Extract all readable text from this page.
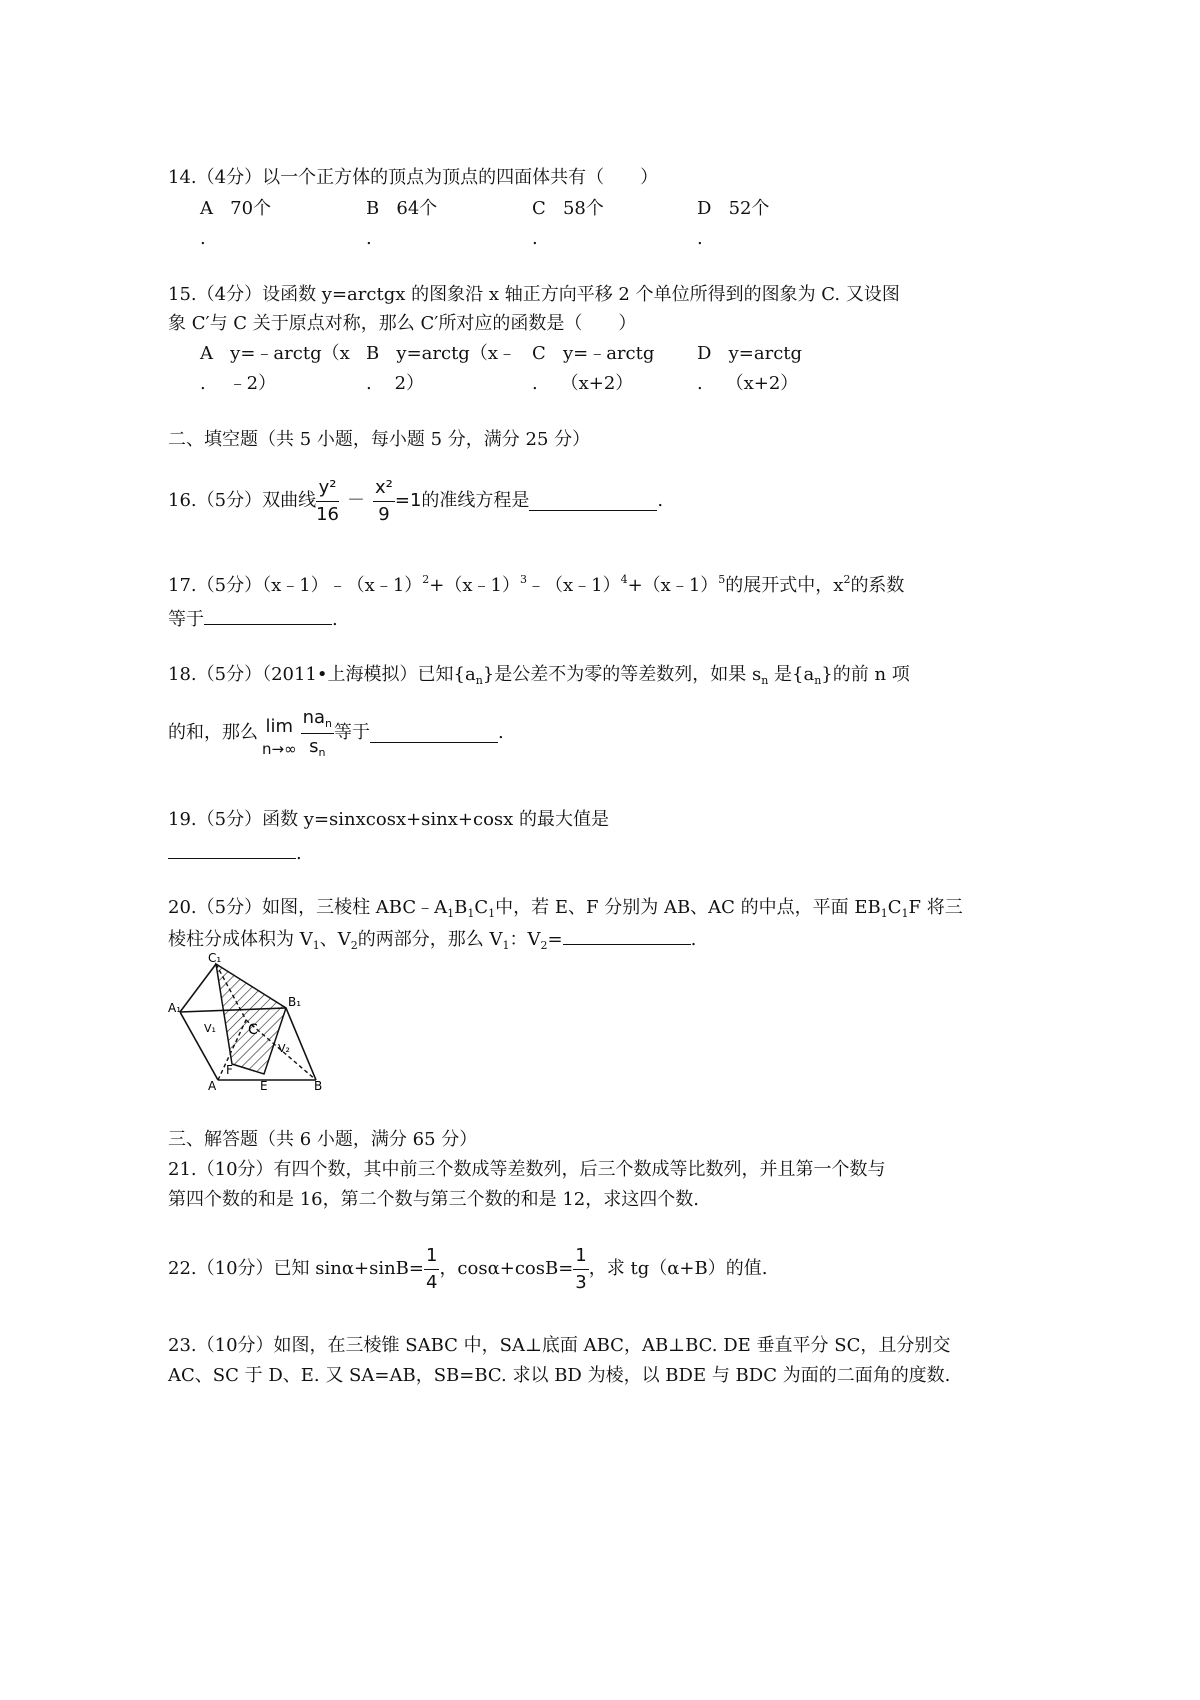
14.（4分）以一个正方体的顶点为顶点的四面体共有（　　）
A 70个
.
B 64个
.
C 58个
.
D 52个
.
15.（4分）设函数 y=arctgx 的图象沿 x 轴正方向平移 2 个单位所得到的图象为 C. 又设图
象 C′与 C 关于原点对称，那么 C′所对应的函数是（　　）
A y=﹣arctg（x
. ﹣2）
B y=arctg（x﹣
. 2）
C y=﹣arctg
. （x+2）
D y=arctg
. （x+2）
二、填空题（共 5 小题，每小题 5 分，满分 25 分）
16.（5分）双曲线 $\frac{\text{y²}}{16} - \frac{\text{x²}}{9} =1$ 的准线方程是	.
17.（5分）（x﹣1）﹣（x﹣1）$^2$+（x﹣1）$^3$﹣（x﹣1）$^4$+（x﹣1）$^5$的展开式中，$x^2$的系数
等于	.
18.（5分）（2011•上海模拟）已知$\{a_n\}$是公差不为零的等差数列，如果 $s_n$ 是$\{a_n\}$的前 n 项
的和，那么 lim
$n\to\infty \frac{na_n}{s_n}$ 等于	.
19.（5分）函数 y=sinxcosx+sinx+cosx 的最大值是
.
20.（5分）如图，三棱柱 $ABC﹣A_1B_1C_1$中，若 E、F 分别为 AB、AC 的中点，平面 $EB_1C_1F$ 将三
棱柱分成体积为 $V_1$、$V_2$的两部分，那么 $V_1$：$V_2=$	.
C₁
A₁	B₁
V₁
V₂
C
A
F
E	B
三、解答题（共 6 小题，满分 65 分）
21.（10分）有四个数，其中前三个数成等差数列，后三个数成等比数列，并且第一个数与
第四个数的和是 16，第二个数与第三个数的和是 12，求这四个数.
22.（10分）已知 $\sin\alpha+\sin B= \frac{1}{4}$ ，$\cos\alpha+\cos B= \frac{1}{3}$ ，求 tg（α+B）的值.
23.（10分）如图，在三棱锥 SABC 中，SA⊥底面 ABC，AB⊥BC. DE 垂直平分 SC，且分别交
AC、SC 于 D、E. 又 SA=AB，SB=BC. 求以 BD 为棱，以 BDE 与 BDC 为面的二面角的度数.
